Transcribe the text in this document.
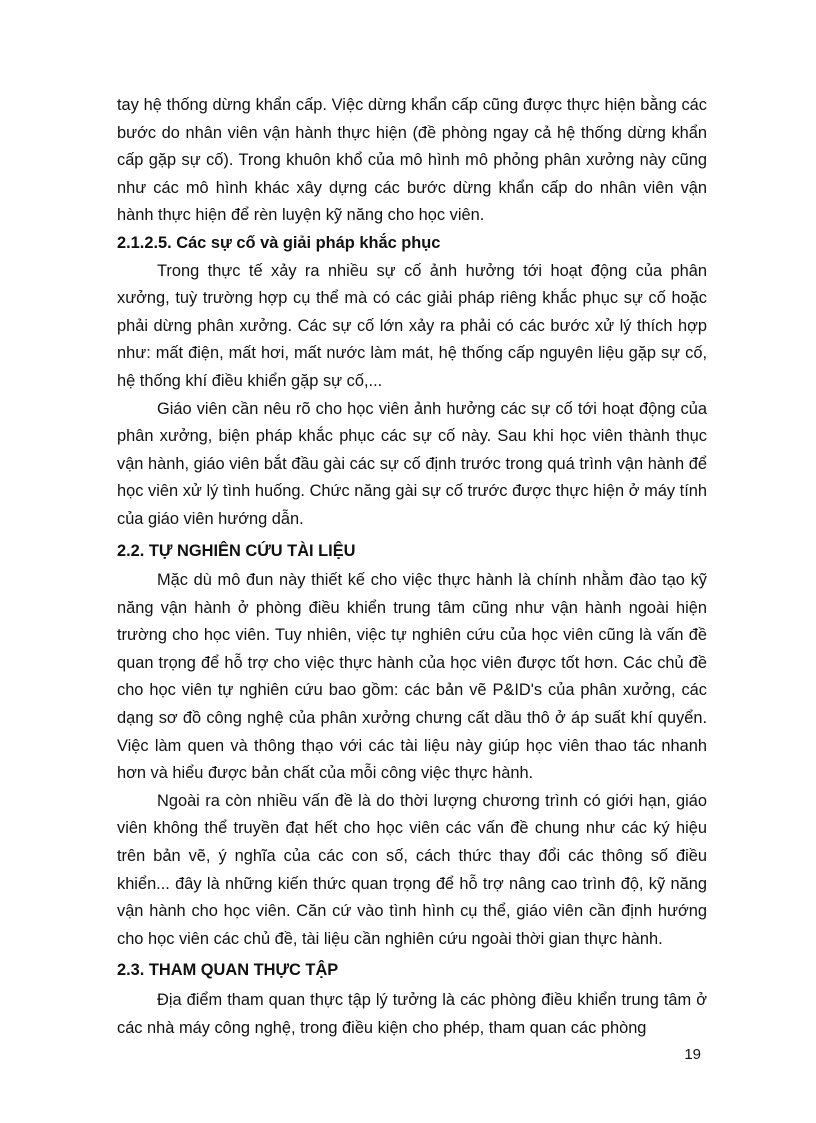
tay hệ thống dừng khẩn cấp. Việc dừng khẩn cấp cũng được thực hiện bằng các bước do nhân viên vận hành thực hiện (đề phòng ngay cả hệ thống dừng khẩn cấp gặp sự cố). Trong khuôn khổ của mô hình mô phỏng phân xưởng này cũng như các mô hình khác xây dựng các bước dừng khẩn cấp do nhân viên vận hành thực hiện để rèn luyện kỹ năng cho học viên.

2.1.2.5. Các sự cố và giải pháp khắc phục

Trong thực tế xảy ra nhiều sự cố ảnh hưởng tới hoạt động của phân xưởng, tuỳ trường hợp cụ thể mà có các giải pháp riêng khắc phục sự cố hoặc phải dừng phân xưởng. Các sự cố lớn xảy ra phải có các bước xử lý thích hợp như: mất điện, mất hơi, mất nước làm mát, hệ thống cấp nguyên liệu gặp sự cố, hệ thống khí điều khiển gặp sự cố,...

Giáo viên cần nêu rõ cho học viên ảnh hưởng các sự cố tới hoạt động của phân xưởng, biện pháp khắc phục các sự cố này. Sau khi học viên thành thục vận hành, giáo viên bắt đầu gài các sự cố định trước trong quá trình vận hành để học viên xử lý tình huống. Chức năng gài sự cố trước được thực hiện ở máy tính của giáo viên hướng dẫn.

2.2. TỰ NGHIÊN CỨU TÀI LIỆU

Mặc dù mô đun này thiết kế cho việc thực hành là chính nhằm đào tạo kỹ năng vận hành ở phòng điều khiển trung tâm cũng như vận hành ngoài hiện trường cho học viên. Tuy nhiên, việc tự nghiên cứu của học viên cũng là vấn đề quan trọng để hỗ trợ cho việc thực hành của học viên được tốt hơn. Các chủ đề cho học viên tự nghiên cứu bao gồm: các bản vẽ P&ID's của phân xưởng, các dạng sơ đồ công nghệ của phân xưởng chưng cất dầu thô ở áp suất khí quyển. Việc làm quen và thông thạo với các tài liệu này giúp học viên thao tác nhanh hơn và hiểu được bản chất của mỗi công việc thực hành.

Ngoài ra còn nhiều vấn đề là do thời lượng chương trình có giới hạn, giáo viên không thể truyền đạt hết cho học viên các vấn đề chung như các ký hiệu trên bản vẽ, ý nghĩa của các con số, cách thức thay đổi các thông số điều khiển... đây là những kiến thức quan trọng để hỗ trợ nâng cao trình độ, kỹ năng vận hành cho học viên. Căn cứ vào tình hình cụ thể, giáo viên cần định hướng cho học viên các chủ đề, tài liệu cần nghiên cứu ngoài thời gian thực hành.

2.3. THAM QUAN THỰC TẬP

Địa điểm tham quan thực tập lý tưởng là các phòng điều khiển trung tâm ở các nhà máy công nghệ, trong điều kiện cho phép, tham quan các phòng

19
